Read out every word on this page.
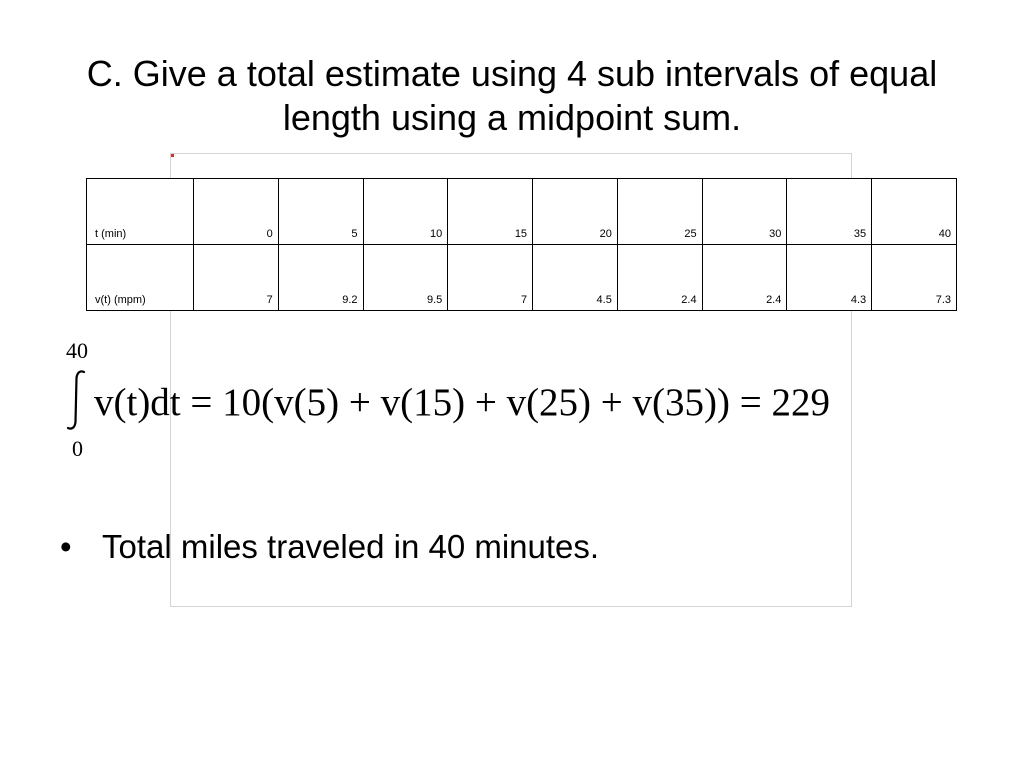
C. Give a total estimate using 4 sub intervals of equal length using a midpoint sum.
t (min)	0	5	10	15	20	25	30	35	40
v(t) (mpm)	7	9.2	9.5	7	4.5	2.4	2.4	4.3	7.3
40
0
v(t)dt = 10(v(5) + v(15) + v(25) + v(35)) = 229
• Total miles traveled in 40 minutes.
